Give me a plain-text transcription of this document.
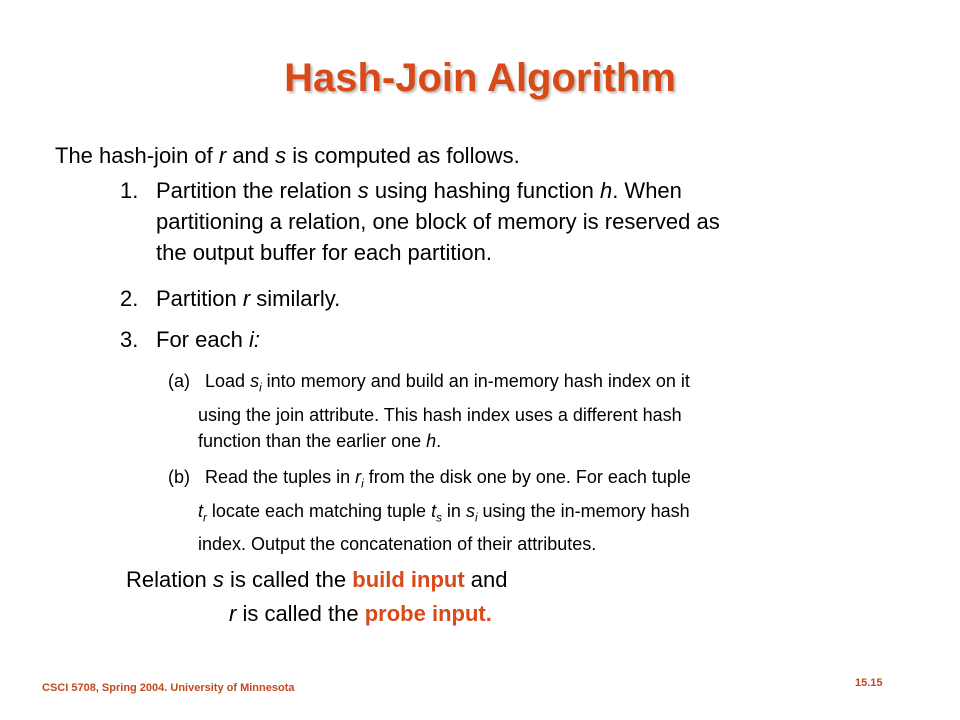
Hash-Join Algorithm
The hash-join of r and s is computed as follows.
1. Partition the relation s using hashing function h. When
partitioning a relation, one block of memory is reserved as
the output buffer for each partition.
2. Partition r similarly.
3. For each i:
(a) Load $s_i$ into memory and build an in-memory hash index on it
using the join attribute. This hash index uses a different hash
function than the earlier one h.
(b) Read the tuples in $r_i$ from the disk one by one. For each tuple
$t_r$ locate each matching tuple $t_s$ in $s_i$ using the in-memory hash
index. Output the concatenation of their attributes.
Relation s is called the build input and
r is called the probe input.
CSCI 5708, Spring 2004. University of Minnesota	15.15
